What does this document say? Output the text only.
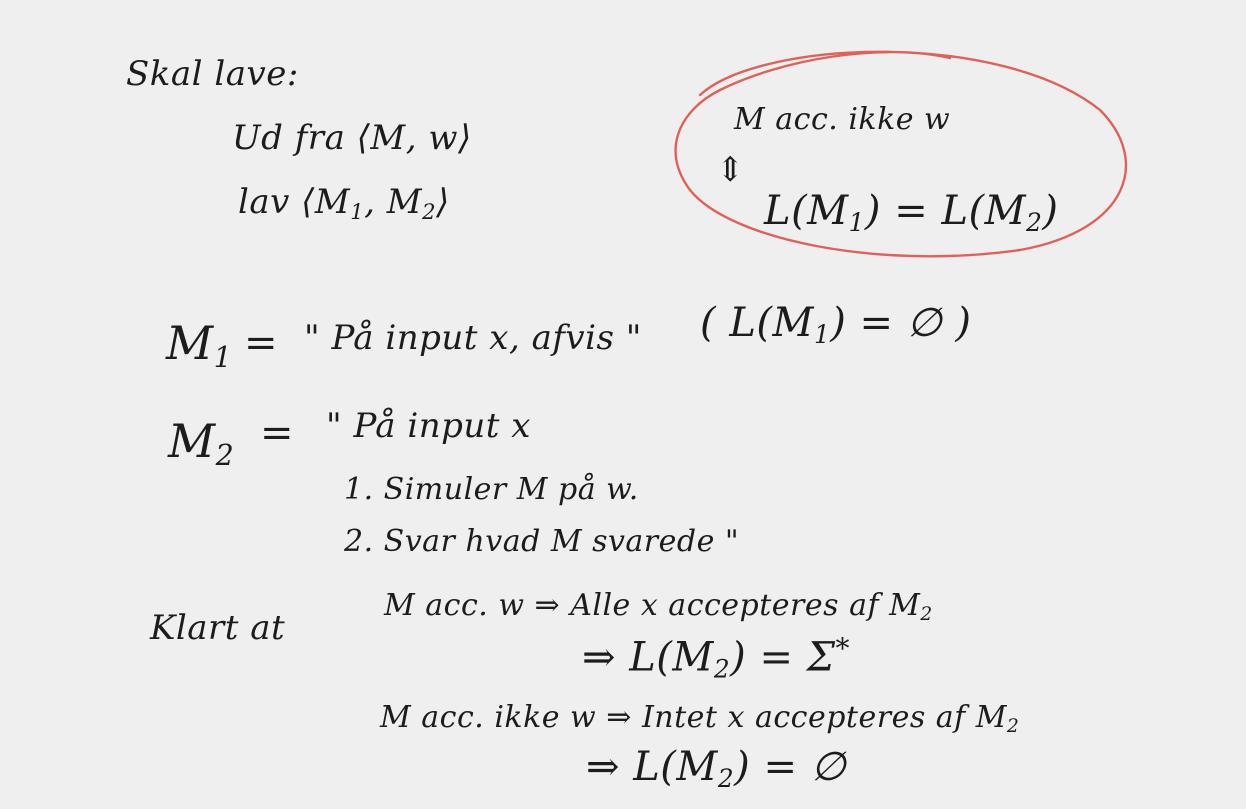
Skal lave:
Ud fra ⟨M, w⟩
lav $⟨M_1$, $M_2⟩$
M acc. ikke w
⇕
$L(M_1) = L(M_2)$
$M_1$ = " På input x, afvis " ( $L(M_1)$ = ∅ )
$M_2$ = " På input x
1. Simuler M på w.
2. Svar hvad M svarede "
Klart at
M acc. w ⇒ Alle x accepteres af $M_2$
⇒ $L(M_2) = \Sigma^*$
M acc. ikke w ⇒ Intet x accepteres af $M_2$
⇒ $L(M_2)$ = ∅
